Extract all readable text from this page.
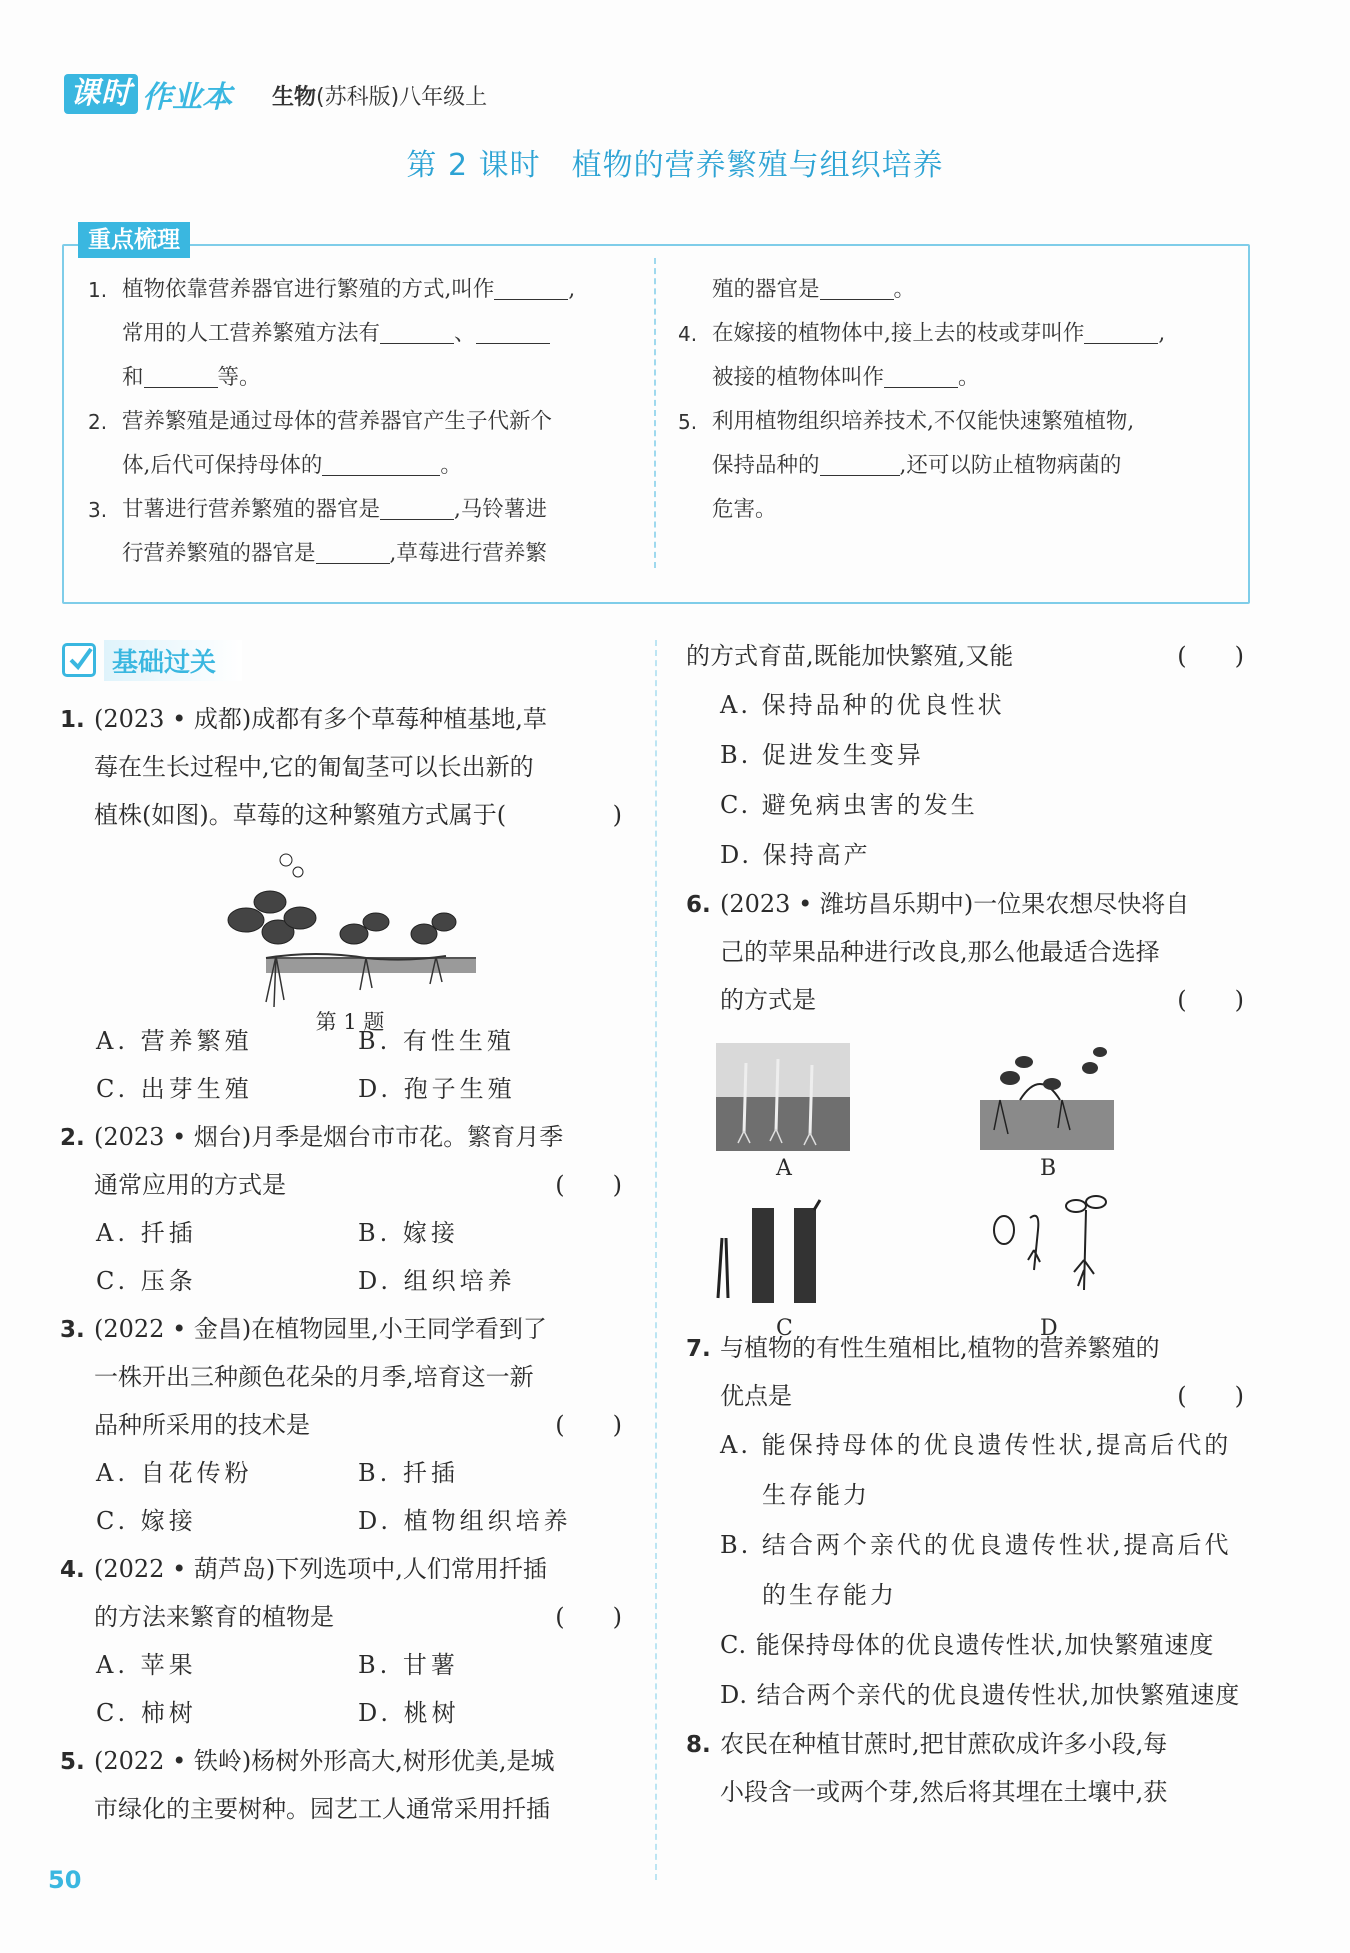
课时 作业本 生物(苏科版)八年级上
第 2 课时　植物的营养繁殖与组织培养
重点梳理
1. 植物依靠营养器官进行繁殖的方式,叫作	,
常用的人工营养繁殖方法有	、
和	等。
2. 营养繁殖是通过母体的营养器官产生子代新个
体,后代可保持母体的	。
3. 甘薯进行营养繁殖的器官是	,马铃薯进
行营养繁殖的器官是	,草莓进行营养繁
殖的器官是	。
4. 在嫁接的植物体中,接上去的枝或芽叫作	,
被接的植物体叫作	。
5. 利用植物组织培养技术,不仅能快速繁殖植物,
保持品种的	,还可以防止植物病菌的
危害。
基础过关
1. (2023 • 成都)成都有多个草莓种植基地,草
莓在生长过程中,它的匍匐茎可以长出新的
植株(如图)。草莓的这种繁殖方式属于(	)
A. 营养繁殖	B. 有性生殖
C. 出芽生殖	D. 孢子生殖
2. (2023 • 烟台)月季是烟台市市花。繁育月季
通常应用的方式是	(　　)
A. 扦插	B. 嫁接
C. 压条	D. 组织培养
3. (2022 • 金昌)在植物园里,小王同学看到了
一株开出三种颜色花朵的月季,培育这一新
品种所采用的技术是	(　　)
A. 自花传粉	B. 扦插
C. 嫁接	D. 植物组织培养
4. (2022 • 葫芦岛)下列选项中,人们常用扦插
的方法来繁育的植物是	(　　)
A. 苹果	B. 甘薯
C. 柿树	D. 桃树
5. (2022 • 铁岭)杨树外形高大,树形优美,是城
市绿化的主要树种。园艺工人通常采用扦插
第 1 题
的方式育苗,既能加快繁殖,又能	(　　)
A. 保持品种的优良性状
B. 促进发生变异
C. 避免病虫害的发生
D. 保持高产
6. (2023 • 潍坊昌乐期中)一位果农想尽快将自
己的苹果品种进行改良,那么他最适合选择
的方式是	(　　)
7. 与植物的有性生殖相比,植物的营养繁殖的
优点是	(　　)
A. 能保持母体的优良遗传性状,提高后代的
生存能力
B. 结合两个亲代的优良遗传性状,提高后代
的生存能力
C. 能保持母体的优良遗传性状,加快繁殖速度
D. 结合两个亲代的优良遗传性状,加快繁殖速度
8. 农民在种植甘蔗时,把甘蔗砍成许多小段,每
小段含一或两个芽,然后将其埋在土壤中,获
A	B
C	D
50
